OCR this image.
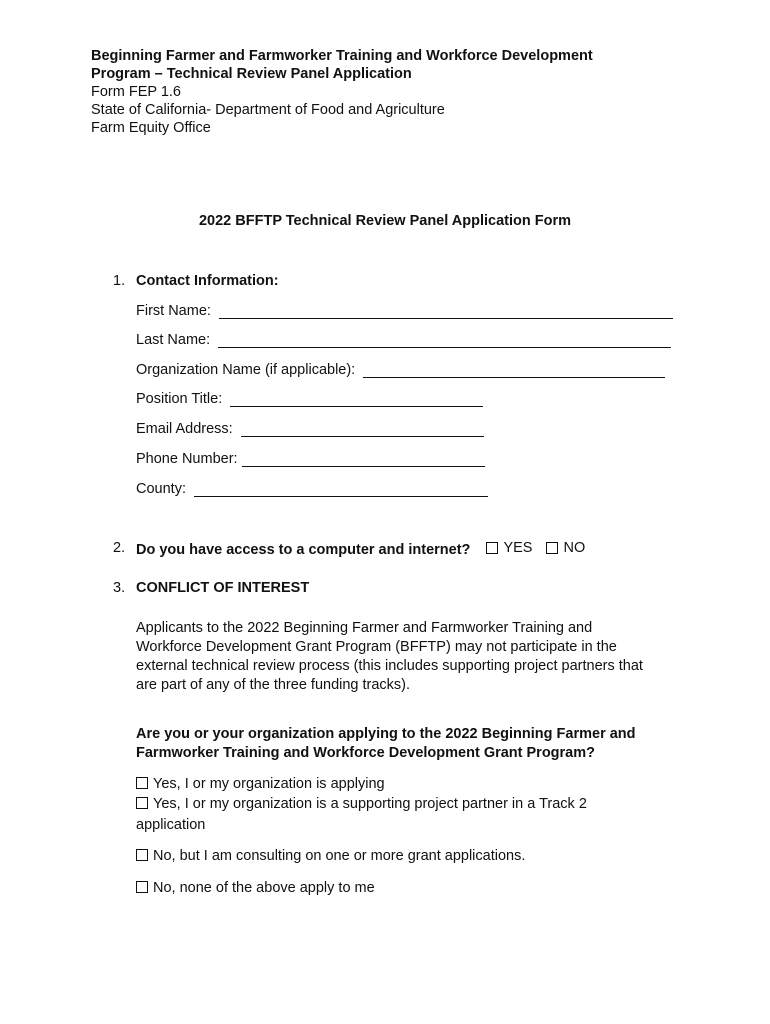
Beginning Farmer and Farmworker Training and Workforce Development
Program – Technical Review Panel Application
Form FEP 1.6
State of California- Department of Food and Agriculture
Farm Equity Office
2022 BFFTP Technical Review Panel Application Form
1. Contact Information:
First Name:
Last Name:
Organization Name (if applicable):
Position Title:
Email Address:
Phone Number:
County:
2. Do you have access to a computer and internet? YES
NO
3. CONFLICT OF INTEREST
Applicants to the 2022 Beginning Farmer and Farmworker Training and
Workforce Development Grant Program (BFFTP) may not participate in the
external technical review process (this includes supporting project partners that
are part of any of the three funding tracks).
Are you or your organization applying to the 2022 Beginning Farmer and
Farmworker Training and Workforce Development Grant Program?
Yes, I or my organization is applying
Yes, I or my organization is a supporting project partner in a Track 2
application
No, but I am consulting on one or more grant applications.
No, none of the above apply to me
